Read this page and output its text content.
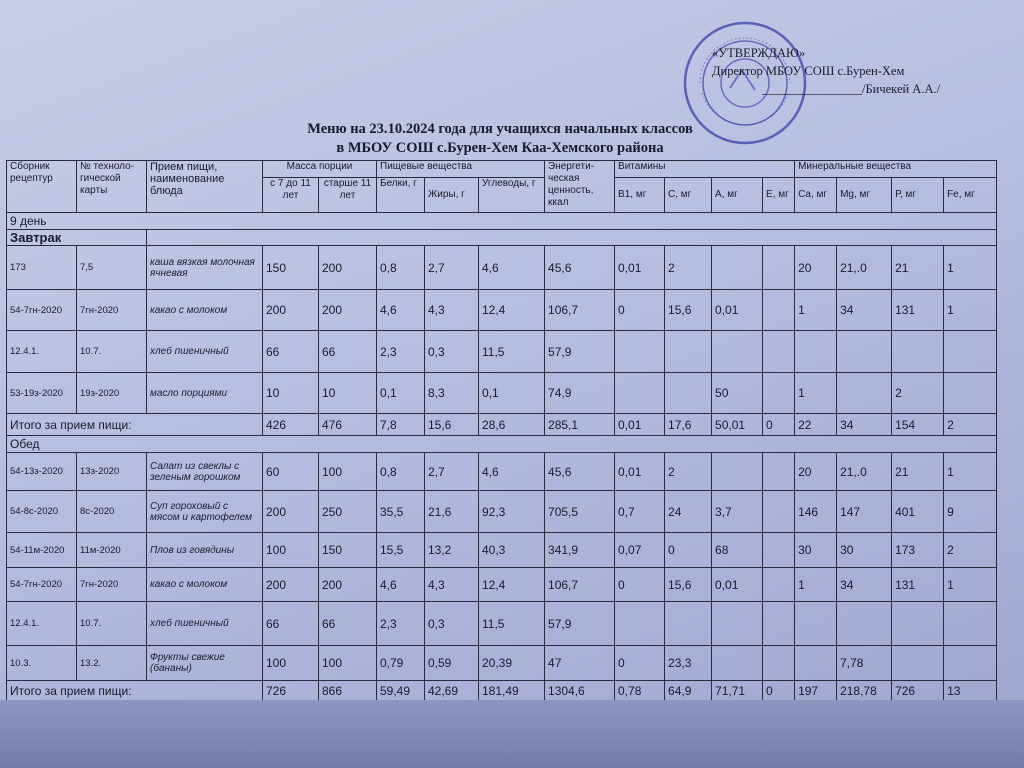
«УТВЕРЖДАЮ»
Директор МБОУ СОШ с.Бурен-Хем
________________/Бичекей А.А./
Меню на 23.10.2024 года для учащихся начальных классов
в МБОУ СОШ с.Бурен-Хем Каа-Хемского района
Сборник рецептур	№ техноло-гической карты	Прием пищи, наименование блюда	Масса порции		Пищевые вещества			Энергети-ческая ценность, ккал	Витамины				Минеральные вещества			
			с 7 до 11 лет	старше 11 лет	Белки, г	Жиры, г	Углеводы, г		В1, мг	С, мг	А, мг	Е, мг	Са, мг	Mg, мг	Р, мг	Fe, мг
9 день																
Завтрак																
173	7,5	каша вязкая молочная ячневая	150	200	0,8	2,7	4,6	45,6	0,01	2			20	21,.0	21	1
54-7гн-2020	7гн-2020	какао с молоком	200	200	4,6	4,3	12,4	106,7	0	15,6	0,01		1	34	131	1
12.4.1.	10.7.	хлеб пшеничный	66	66	2,3	0,3	11,5	57,9								
53-19з-2020	19з-2020	масло порциями	10	10	0,1	8,3	0,1	74,9			50		1		2	
Итого за прием пищи:			426	476	7,8	15,6	28,6	285,1	0,01	17,6	50,01	0	22	34	154	2
Обед																
54-13з-2020	13з-2020	Салат из свеклы с зеленым горошком	60	100	0,8	2,7	4,6	45,6	0,01	2			20	21,.0	21	1
54-8с-2020	8с-2020	Суп гороховый с мясом и картофелем	200	250	35,5	21,6	92,3	705,5	0,7	24	3,7		146	147	401	9
54-11м-2020	11м-2020	Плов из говядины	100	150	15,5	13,2	40,3	341,9	0,07	0	68		30	30	173	2
54-7гн-2020	7гн-2020	какао с молоком	200	200	4,6	4,3	12,4	106,7	0	15,6	0,01		1	34	131	1
12.4.1.	10.7.	хлеб пшеничный	66	66	2,3	0,3	11,5	57,9								
10.3.	13.2.	Фрукты свежие (бананы)	100	100	0,79	0,59	20,39	47	0	23,3				7,78		
Итого за прием пищи:			726	866	59,49	42,69	181,49	1304,6	0,78	64,9	71,71	0	197	218,78	726	13
